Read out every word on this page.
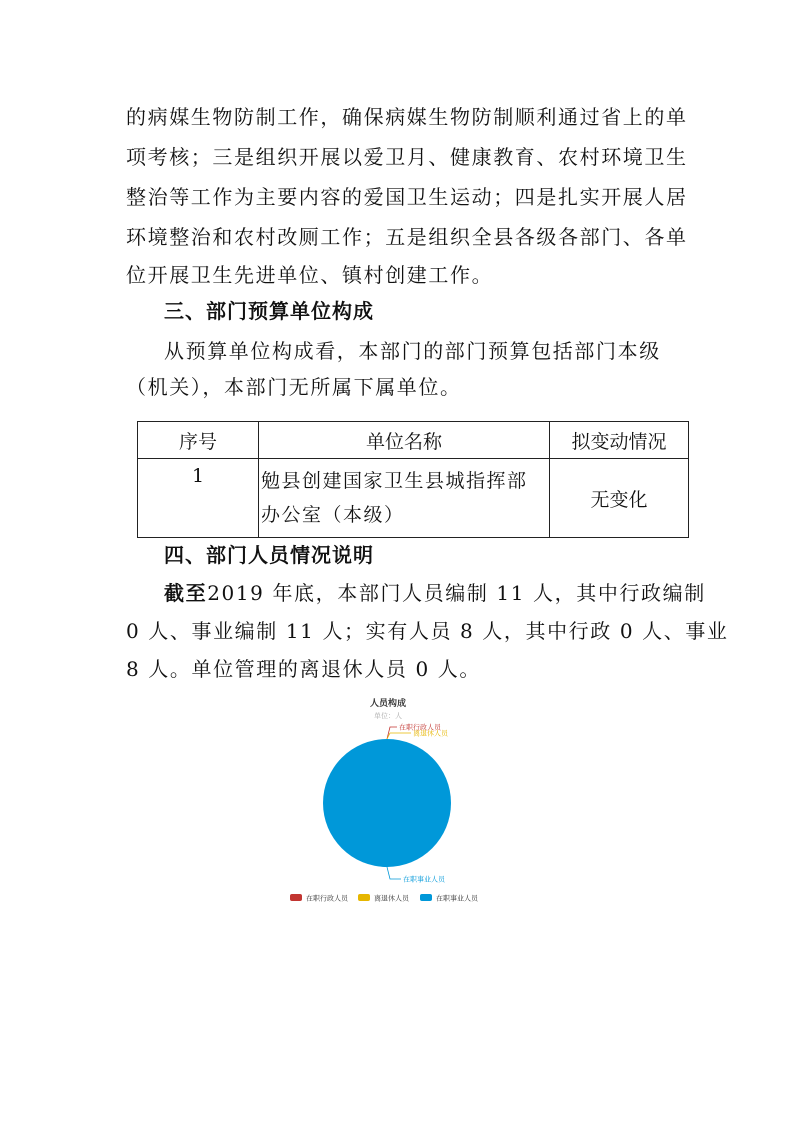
的病媒生物防制工作，确保病媒生物防制顺利通过省上的单
项考核；三是组织开展以爱卫月、健康教育、农村环境卫生
整治等工作为主要内容的爱国卫生运动；四是扎实开展人居
环境整治和农村改厕工作；五是组织全县各级各部门、各单
位开展卫生先进单位、镇村创建工作。
三、部门预算单位构成
从预算单位构成看，本部门的部门预算包括部门本级
（机关），本部门无所属下属单位。
序号	单位名称	拟变动情况
1	勉县创建国家卫生县城指挥部
办公室（本级）	无变化
四、部门人员情况说明
截至2019 年底，本部门人员编制 11 人，其中行政编制
0 人、事业编制 11 人；实有人员 8 人，其中行政 0 人、事业
8 人。单位管理的离退休人员 0 人。
人员构成
单位：人
在职行政人员
离退休人员
在职事业人员
在职行政人员	离退休人员	在职事业人员
